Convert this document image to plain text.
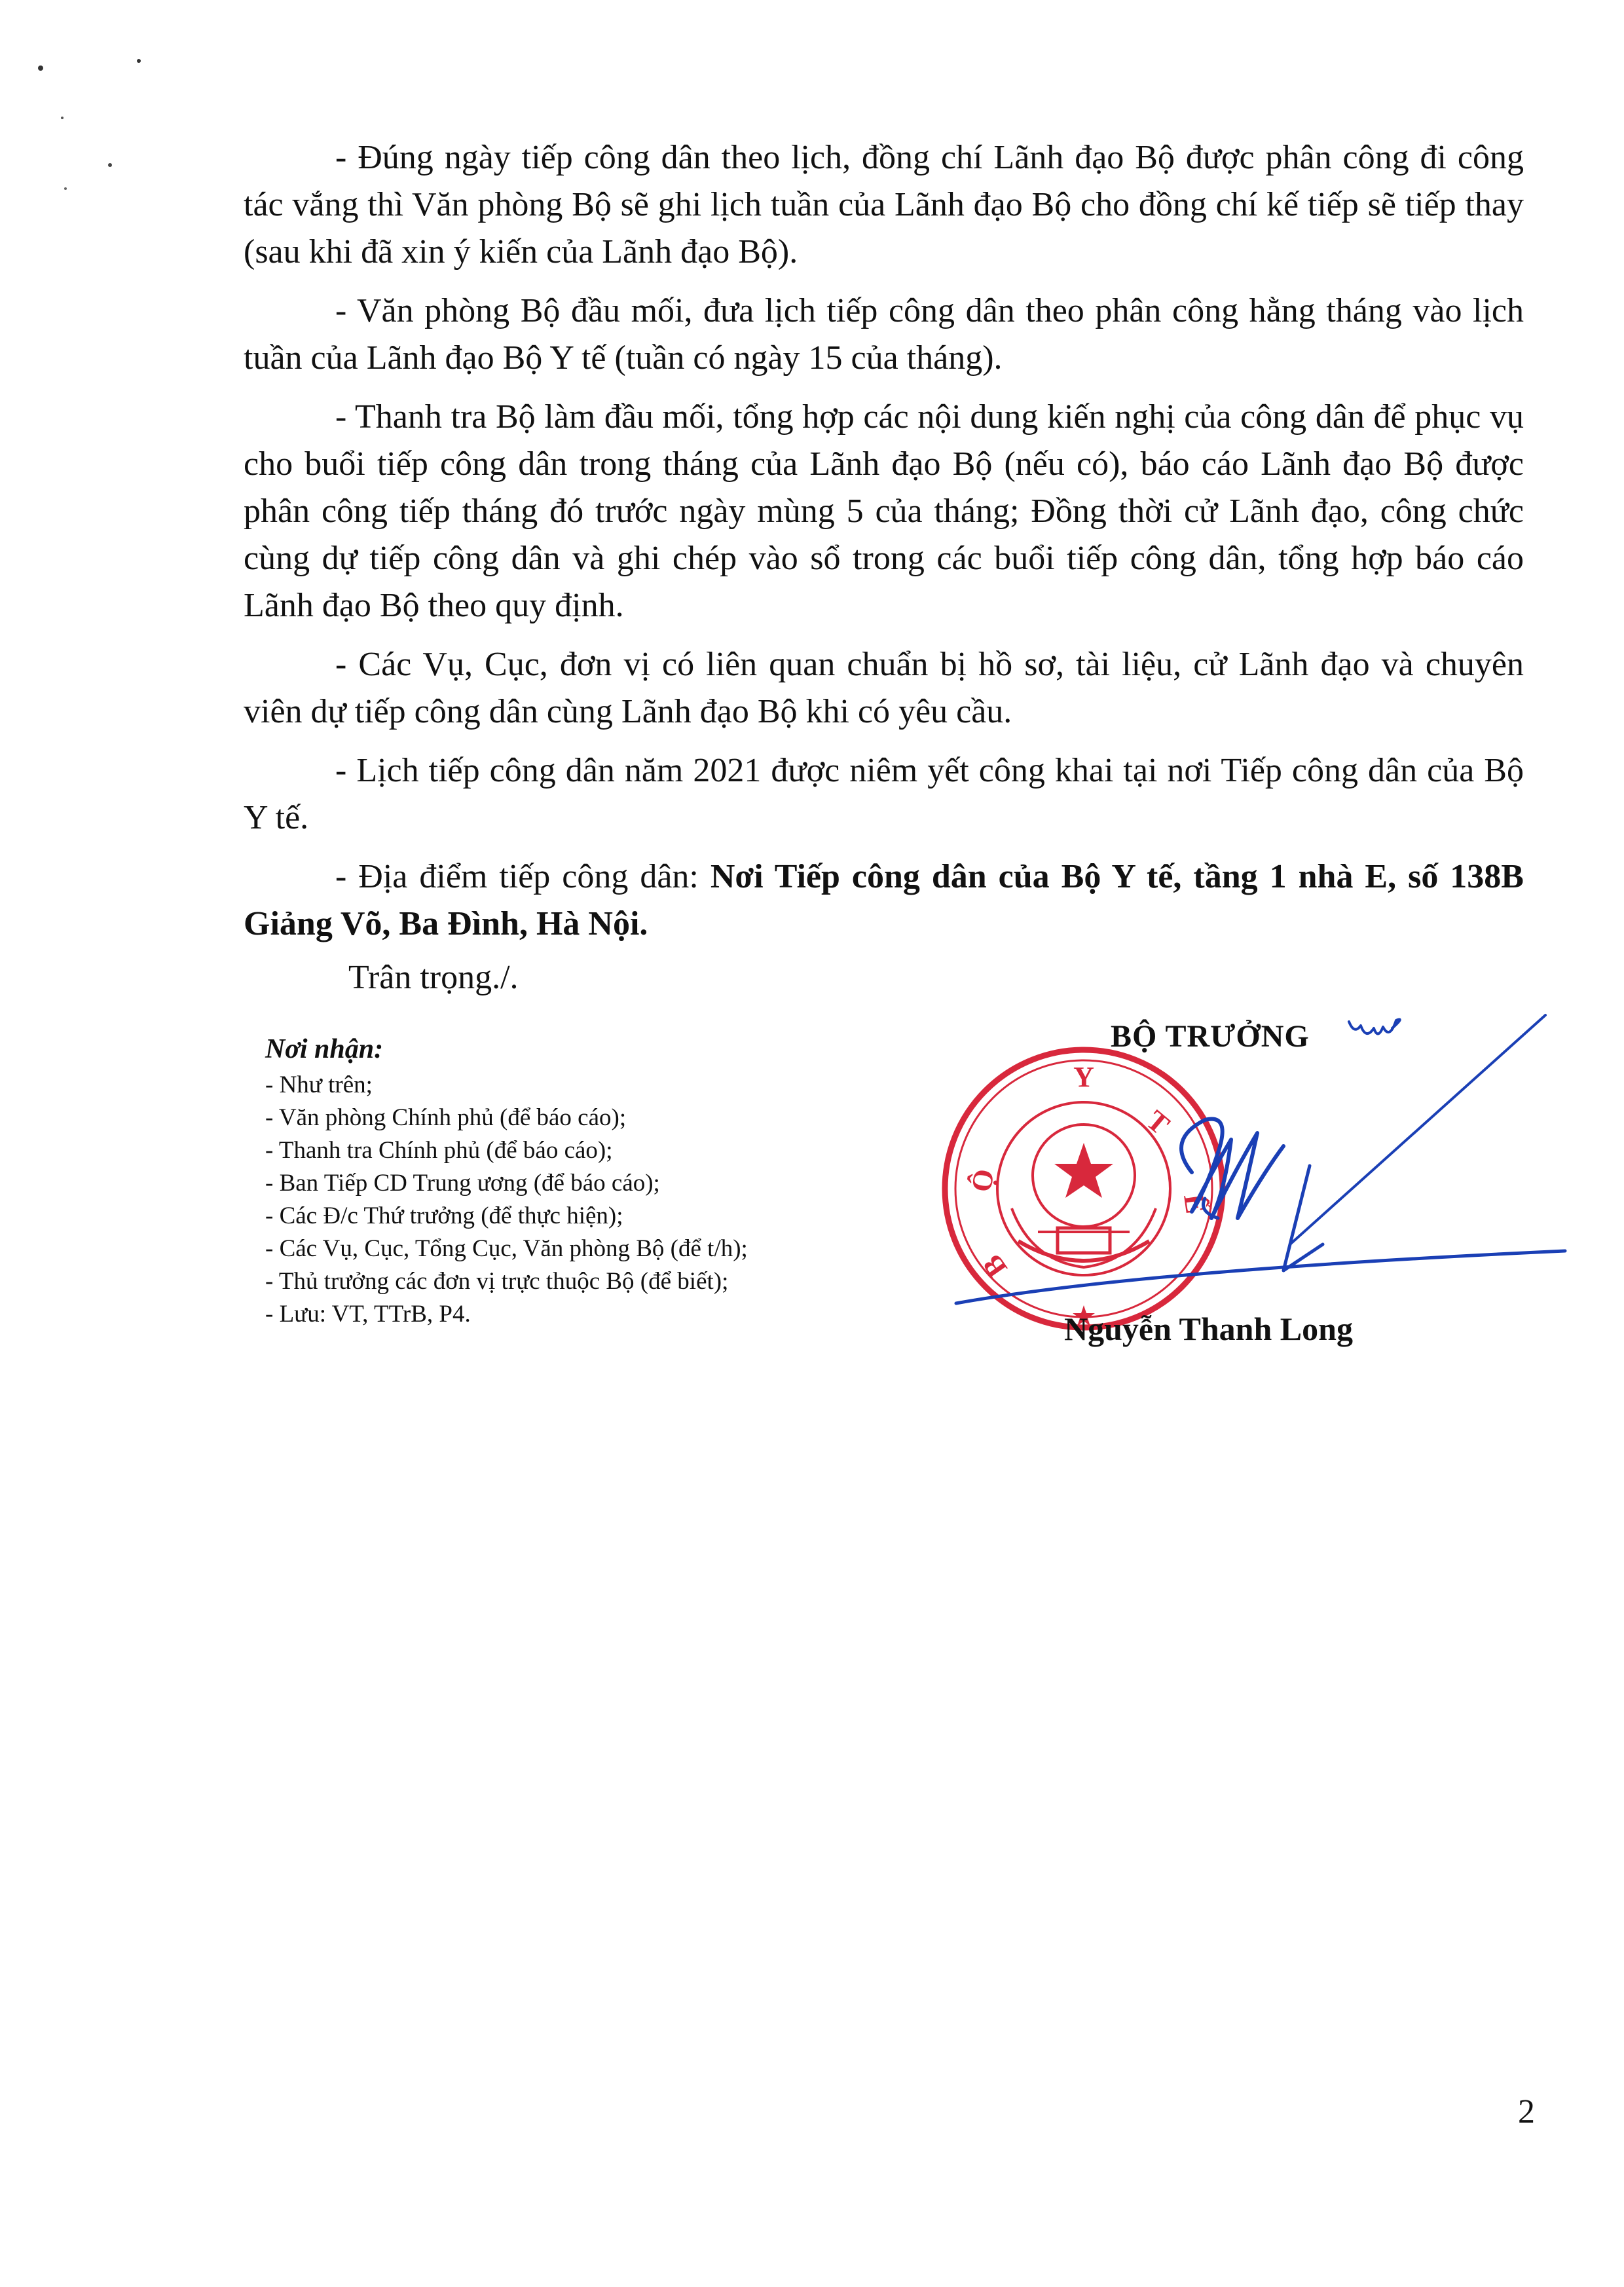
- Đúng ngày tiếp công dân theo lịch, đồng chí Lãnh đạo Bộ được phân công đi công tác vắng thì Văn phòng Bộ sẽ ghi lịch tuần của Lãnh đạo Bộ cho đồng chí kế tiếp sẽ tiếp thay (sau khi đã xin ý kiến của Lãnh đạo Bộ).

- Văn phòng Bộ đầu mối, đưa lịch tiếp công dân theo phân công hằng tháng vào lịch tuần của Lãnh đạo Bộ Y tế (tuần có ngày 15 của tháng).

- Thanh tra Bộ làm đầu mối, tổng hợp các nội dung kiến nghị của công dân để phục vụ cho buổi tiếp công dân trong tháng của Lãnh đạo Bộ (nếu có), báo cáo Lãnh đạo Bộ được phân công tiếp tháng đó trước ngày mùng 5 của tháng; Đồng thời cử Lãnh đạo, công chức cùng dự tiếp công dân và ghi chép vào sổ trong các buổi tiếp công dân, tổng hợp báo cáo Lãnh đạo Bộ theo quy định.

- Các Vụ, Cục, đơn vị có liên quan chuẩn bị hồ sơ, tài liệu, cử Lãnh đạo và chuyên viên dự tiếp công dân cùng Lãnh đạo Bộ khi có yêu cầu.

- Lịch tiếp công dân năm 2021 được niêm yết công khai tại nơi Tiếp công dân của Bộ Y tế.

- Địa điểm tiếp công dân: Nơi Tiếp công dân của Bộ Y tế, tầng 1 nhà E, số 138B Giảng Võ, Ba Đình, Hà Nội.

Trân trọng./.
Nơi nhận:
- Như trên;
- Văn phòng Chính phủ (để báo cáo);
- Thanh tra Chính phủ (để báo cáo);
- Ban Tiếp CD Trung ương (để báo cáo);
- Các Đ/c Thứ trưởng (để thực hiện);
- Các Vụ, Cục, Tổng Cục, Văn phòng Bộ (để t/h);
- Thủ trưởng các đơn vị trực thuộc Bộ (để biết);
- Lưu: VT, TTrB, P4.
Y
T
Ế
Ộ
B
BỘ TRƯỞNG
Nguyễn Thanh Long
2
